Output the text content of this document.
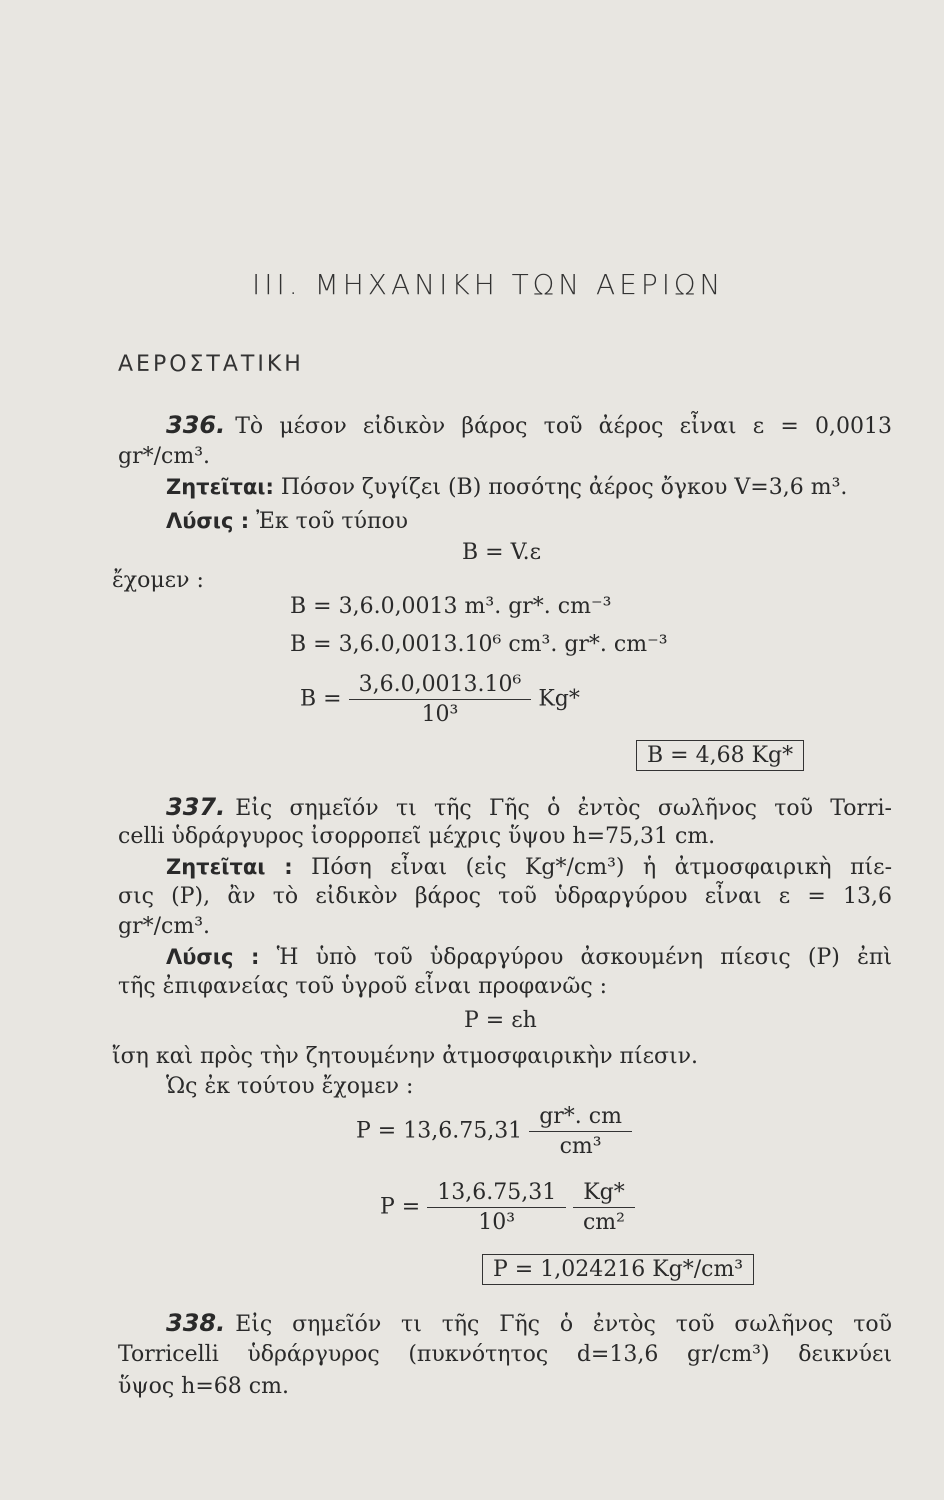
ΙΙΙ. ΜΗΧΑΝΙΚΗ ΤΩΝ ΑΕΡΙΩΝ
ΑΕΡΟΣΤΑΤΙΚΗ
336. Τὸ μέσον εἰδικὸν βάρος τοῦ ἀέρος εἶναι ε = 0,0013
gr*/cm³.
Ζητεῖται: Πόσον ζυγίζει (Β) ποσότης ἀέρος ὄγκου V=3,6 m³.
Λύσις : Ἐκ τοῦ τύπου
Β = V.ε
ἔχομεν :
Β = 3,6.0,0013 m³. gr*. cm⁻³
Β = 3,6.0,0013.10⁶ cm³. gr*. cm⁻³
$B = \frac{\text{3,6.0,0013.10⁶}}{\text{10³}} Kg*$
Β = 4,68 Kg*
337. Εἰς σημεῖόν τι τῆς Γῆς ὁ ἐντὸς σωλῆνος τοῦ Torri-
celli ὑδράργυρος ἰσορροπεῖ μέχρις ὕψου h=75,31 cm.
Ζητεῖται : Πόση εἶναι (εἰς Kg*/cm³) ἡ ἀτμοσφαιρικὴ πίε-
σις (P), ἂν τὸ εἰδικὸν βάρος τοῦ ὑδραργύρου εἶναι ε = 13,6
gr*/cm³.
Λύσις : Ἡ ὑπὸ τοῦ ὑδραργύρου ἀσκουμένη πίεσις (P) ἐπὶ
τῆς ἐπιφανείας τοῦ ὑγροῦ εἶναι προφανῶς :
P = εh
ἴση καὶ πρὸς τὴν ζητουμένην ἀτμοσφαιρικὴν πίεσιν.
Ὡς ἐκ τούτου ἔχομεν :
$P = 13,6.75,31 \frac{gr*. cm}{\text{cm³}}$
$P = \frac{13,6.75,31}{\text{10³}}$
$\frac{Kg*}{\text{cm²}}$
P = 1,024216 Kg*/cm³
338. Εἰς σημεῖόν τι τῆς Γῆς ὁ ἐντὸς τοῦ σωλῆνος τοῦ
Torricelli ὑδράργυρος (πυκνότητος d=13,6 gr/cm³) δεικνύει
ὕψος h=68 cm.
